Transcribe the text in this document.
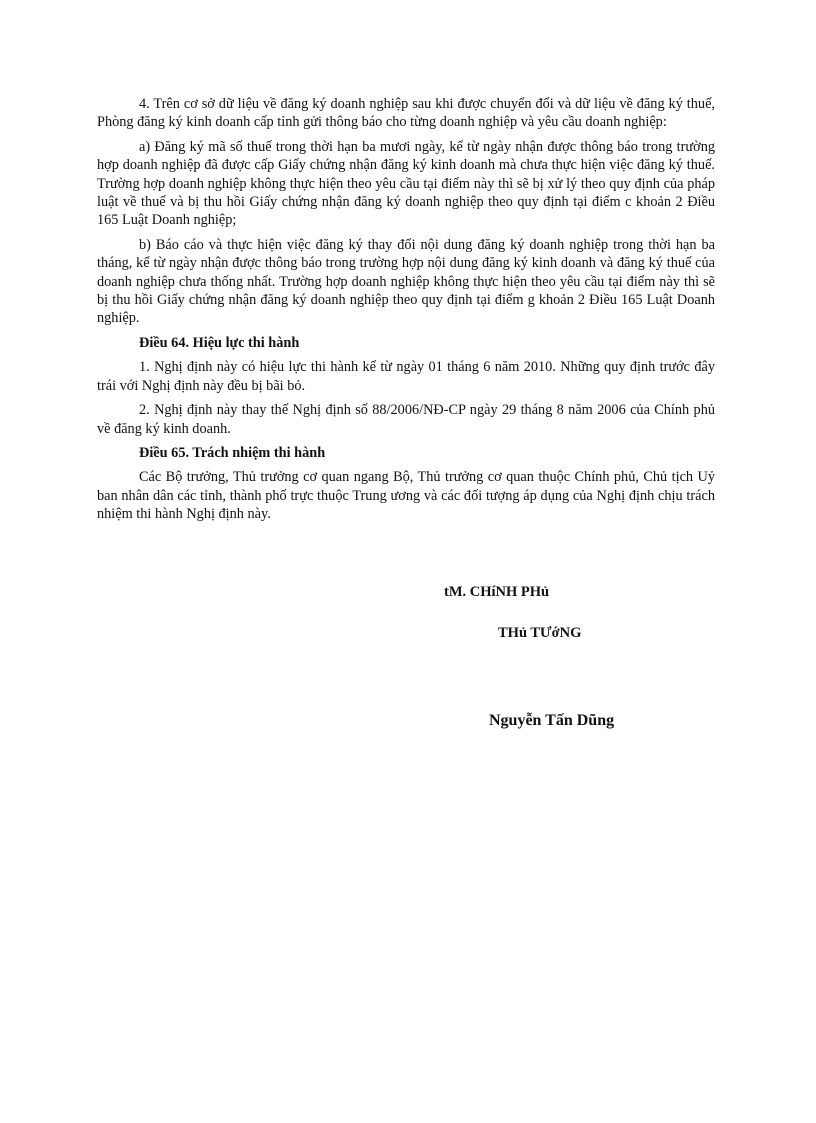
4. Trên cơ sở dữ liệu về đăng ký doanh nghiệp sau khi được chuyển đổi và dữ liệu về đăng ký thuế, Phòng đăng ký kinh doanh cấp tỉnh gửi thông báo cho từng doanh nghiệp và yêu cầu doanh nghiệp:

a) Đăng ký mã số thuế trong thời hạn ba mươi ngày, kể từ ngày nhận được thông báo trong trường hợp doanh nghiệp đã được cấp Giấy chứng nhận đăng ký kinh doanh mà chưa thực hiện việc đăng ký thuế. Trường hợp doanh nghiệp không thực hiện theo yêu cầu tại điểm này thì sẽ bị xử lý theo quy định của pháp luật về thuế và bị thu hồi Giấy chứng nhận đăng ký doanh nghiệp theo quy định tại điểm c khoản 2 Điều 165 Luật Doanh nghiệp;

b) Báo cáo và thực hiện việc đăng ký thay đổi nội dung đăng ký doanh nghiệp trong thời hạn ba tháng, kể từ ngày nhận được thông báo trong trường hợp nội dung đăng ký kinh doanh và đăng ký thuế của doanh nghiệp chưa thống nhất. Trường hợp doanh nghiệp không thực hiện theo yêu cầu tại điểm này thì sẽ bị thu hồi Giấy chứng nhận đăng ký doanh nghiệp theo quy định tại điểm g khoản 2 Điều 165 Luật Doanh nghiệp.

Điều 64. Hiệu lực thi hành

1. Nghị định này có hiệu lực thi hành kể từ ngày 01 tháng 6 năm 2010. Những quy định trước đây trái với Nghị định này đều bị bãi bỏ.

2. Nghị định này thay thế Nghị định số 88/2006/NĐ-CP ngày 29 tháng 8 năm 2006 của Chính phủ về đăng ký kinh doanh.

Điều 65. Trách nhiệm thi hành

Các Bộ trưởng, Thủ trưởng cơ quan ngang Bộ, Thủ trưởng cơ quan thuộc Chính phủ, Chủ tịch Uỷ ban nhân dân các tỉnh, thành phố trực thuộc Trung ương và các đối tượng áp dụng của Nghị định chịu trách nhiệm thi hành Nghị định này.

tM. CHíNH PHủ
THủ TƯớNG
Nguyễn Tấn Dũng
